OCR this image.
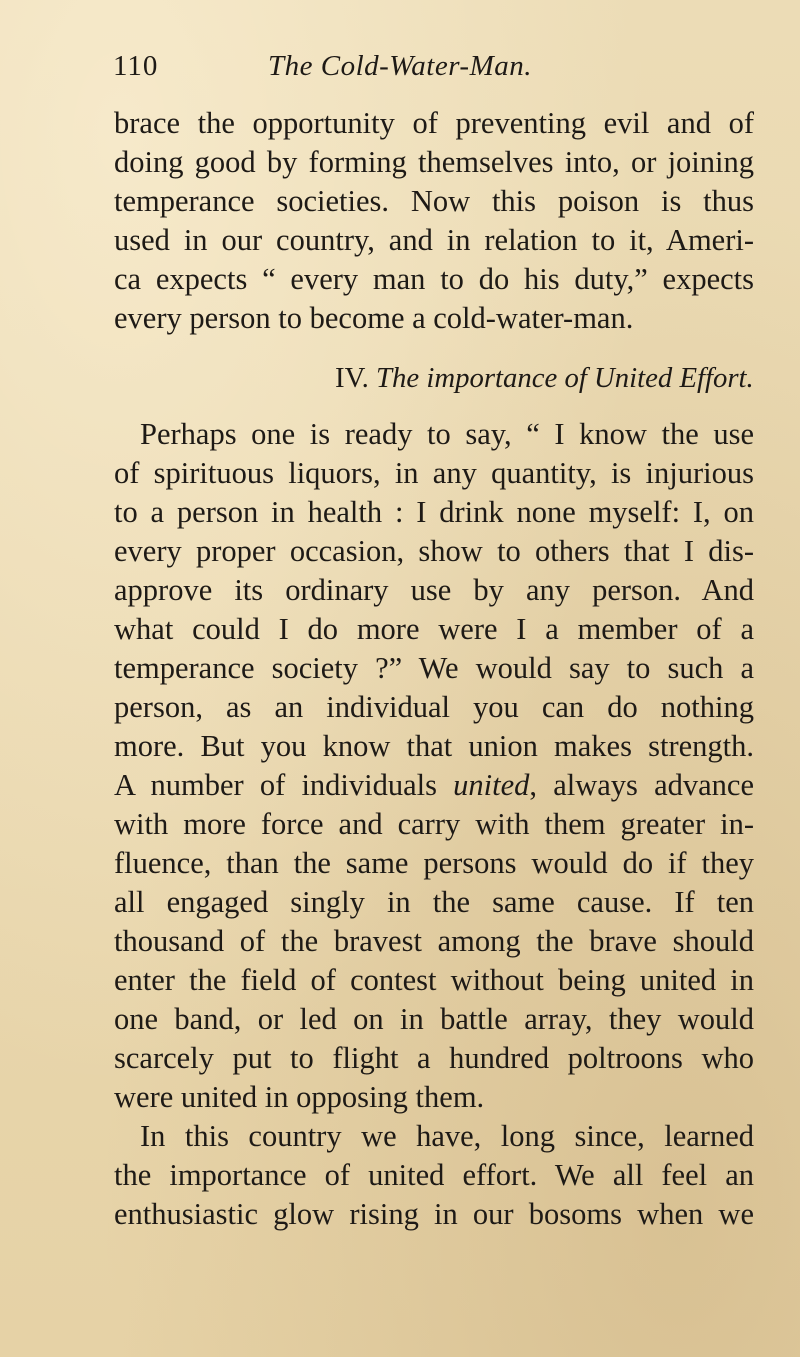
110	The Cold-Water-Man.
brace the opportunity of preventing evil and of
doing good by forming themselves into, or joining
temperance societies. Now this poison is thus
used in our country, and in relation to it, Ameri-
ca expects “ every man to do his duty,” expects
every person to become a cold-water-man.
IV. The importance of United Effort.
Perhaps one is ready to say, “ I know the use
of spirituous liquors, in any quantity, is injurious
to a person in health : I drink none myself: I, on
every proper occasion, show to others that I dis-
approve its ordinary use by any person. And
what could I do more were I a member of a
temperance society ?” We would say to such a
person, as an individual you can do nothing
more. But you know that union makes strength.
A number of individuals united, always advance
with more force and carry with them greater in-
fluence, than the same persons would do if they
all engaged singly in the same cause. If ten
thousand of the bravest among the brave should
enter the field of contest without being united in
one band, or led on in battle array, they would
scarcely put to flight a hundred poltroons who
were united in opposing them.
In this country we have, long since, learned
the importance of united effort. We all feel an
enthusiastic glow rising in our bosoms when we
